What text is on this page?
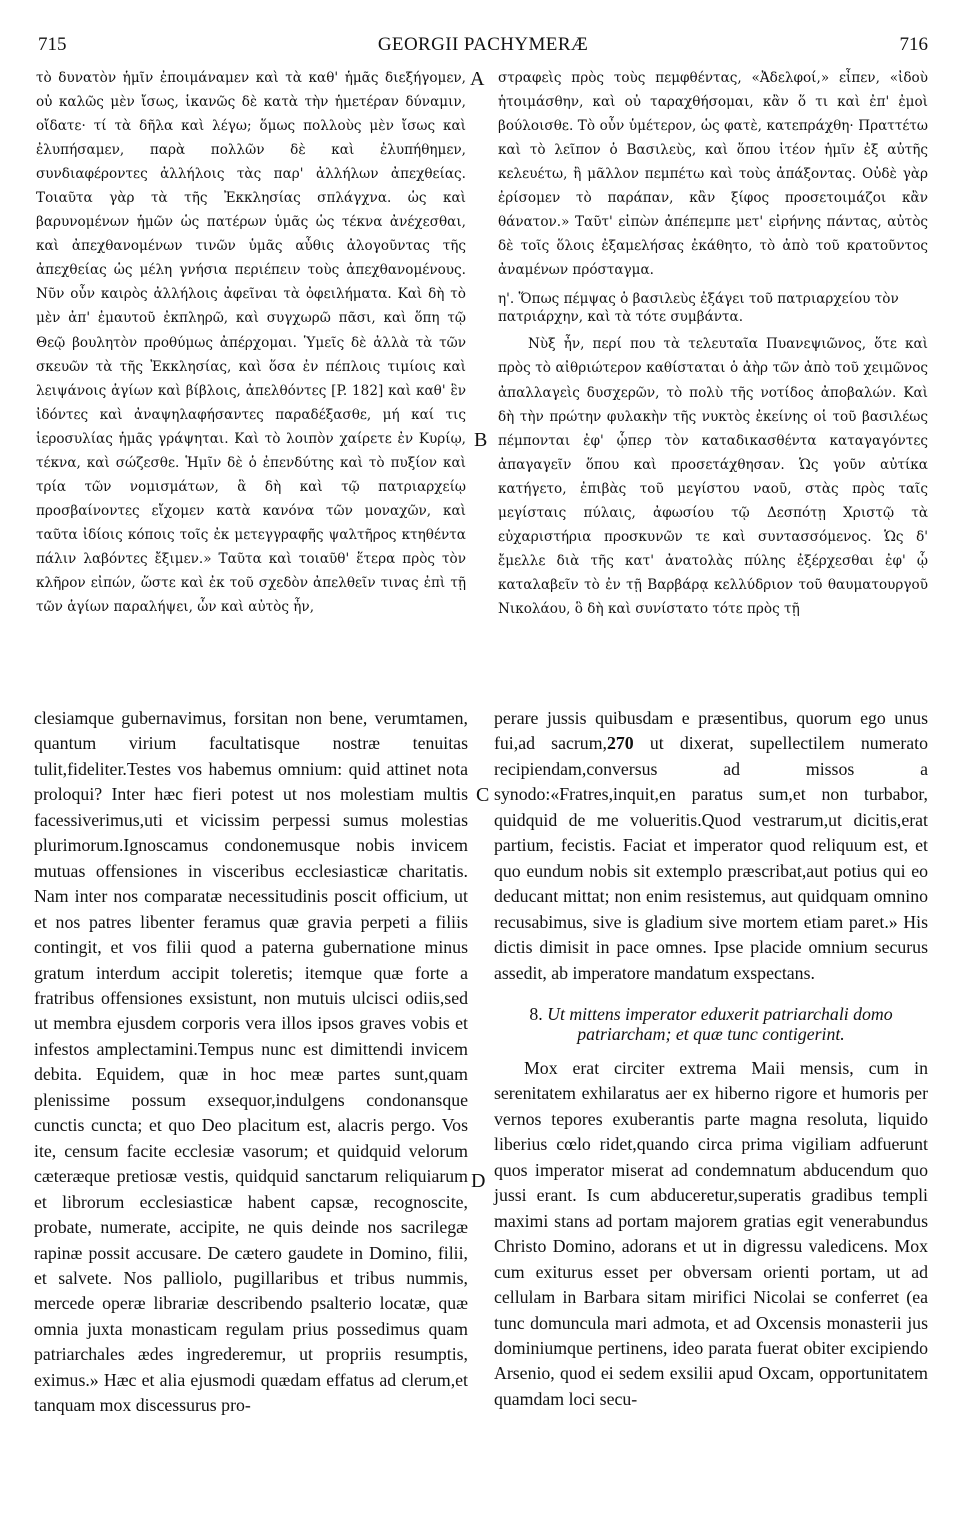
715	GEORGII PACHYMERÆ	716

τὸ δυνατὸν ἡμῖν ἐποιμάναμεν καὶ τὰ καθ' ἡμᾶς διεξήγομεν, οὐ καλῶς μὲν ἴσως, ἱκανῶς δὲ κατὰ τὴν ἡμετέραν δύναμιν, οἴδατε· τί τὰ δῆλα καὶ λέγω; ὅμως πολλοὺς μὲν ἴσως καὶ ἐλυπήσαμεν, παρὰ πολλῶν δὲ καὶ ἐλυπήθημεν, συνδιαφέροντες ἀλλήλοις τὰς παρ' ἀλλήλων ἀπεχθείας. Τοιαῦτα γὰρ τὰ τῆς Ἐκκλησίας σπλάγχνα. ὡς καὶ βαρυνομένων ἡμῶν ὡς πατέρων ὑμᾶς ὡς τέκνα ἀνέχεσθαι, καὶ ἀπεχθανομένων τινῶν ὑμᾶς αὖθις ἀλογοῦντας τῆς ἀπεχθείας ὡς μέλη γνήσια περιέπειν τοὺς ἀπεχθανομένους. Νῦν οὖν καιρὸς ἀλλήλοις ἀφεῖναι τὰ ὀφειλήματα. Καὶ δὴ τὸ μὲν ἀπ' ἐμαυτοῦ ἐκπληρῶ, καὶ συγχωρῶ πᾶσι, καὶ ὅπη τῷ Θεῷ βουλητὸν προθύμως ἀπέρχομαι. Ὑμεῖς δὲ ἀλλὰ τὰ τῶν σκευῶν τὰ τῆς Ἐκκλησίας, καὶ ὅσα ἐν πέπλοις τιμίοις καὶ λειψάνοις ἁγίων καὶ βίβλοις, ἀπελθόντες [P. 182] καὶ καθ' ἓν ἰδόντες καὶ ἀναψηλαφήσαντες παραδέξασθε, μή καί τις ἱεροσυλίας ἡμᾶς γράψηται. Καὶ τὸ λοιπὸν χαίρετε ἐν Κυρίῳ, τέκνα, καὶ σώζεσθε. Ἡμῖν δὲ ὁ ἐπενδύτης καὶ τὸ πυξίον καὶ τρία τῶν νομισμάτων, ἃ δὴ καὶ τῷ πατριαρχείῳ προσβαίνοντες εἴχομεν κατὰ κανόνα τῶν μοναχῶν, καὶ ταῦτα ἰδίοις κόποις τοῖς ἐκ μετεγγραφῆς ψαλτῆρος κτηθέντα πάλιν λαβόντες ἔξιμεν.» Ταῦτα καὶ τοιαῦθ' ἕτερα πρὸς τὸν κλῆρον εἰπών, ὥστε καὶ ἐκ τοῦ σχεδὸν ἀπελθεῖν τινας ἐπὶ τῇ τῶν ἁγίων παραλήψει, ὧν καὶ αὐτὸς ἦν,

στραφεὶς πρὸς τοὺς πεμφθέντας, «Ἀδελφοί,» εἶπεν, «ἰδοὺ ἡτοιμάσθην, καὶ οὐ ταραχθήσομαι, κἂν ὅ τι καὶ ἐπ' ἐμοὶ βούλοισθε. Τὸ οὖν ὑμέτερον, ὡς φατὲ, κατεπράχθη· Πραττέτω καὶ τὸ λεῖπον ὁ Βασιλεὺς, καὶ ὅπου ἰτέον ἡμῖν ἐξ αὐτῆς κελευέτω, ἢ μᾶλλον πεμπέτω καὶ τοὺς ἀπάξοντας. Οὐδὲ γὰρ ἐρίσομεν τὸ παράπαν, κἂν ξίφος προσετοιμάζοι κἂν θάνατον.» Ταῦτ' εἰπὼν ἀπέπεμπε μετ' εἰρήνης πάντας, αὐτὸς δὲ τοῖς ὅλοις ἐξαμελήσας ἐκάθητο, τὸ ἀπὸ τοῦ κρατοῦντος ἀναμένων πρόσταγμα.

η'. Ὅπως πέμψας ὁ βασιλεὺς ἐξάγει τοῦ πατριαρχείου τὸν πατριάρχην, καὶ τὰ τότε συμβάντα.

Νὺξ ἦν, περί που τὰ τελευταῖα Πυανεψιῶνος, ὅτε καὶ πρὸς τὸ αἰθριώτερον καθίσταται ὁ ἀὴρ τῶν ἀπὸ τοῦ χειμῶνος ἀπαλλαγεὶς δυσχερῶν, τὸ πολὺ τῆς νοτίδος ἀποβαλών. Καὶ δὴ τὴν πρώτην φυλακὴν τῆς νυκτὸς ἐκείνης οἱ τοῦ βασιλέως πέμπονται ἐφ' ᾧπερ τὸν καταδικασθέντα καταγαγόντες ἀπαγαγεῖν ὅπου καὶ προσετάχθησαν. Ὡς γοῦν αὐτίκα κατήγετο, ἐπιβὰς τοῦ μεγίστου ναοῦ, στὰς πρὸς ταῖς μεγίσταις πύλαις, ἀφωσίου τῷ Δεσπότῃ Χριστῷ τὰ εὐχαριστήρια προσκυνῶν τε καὶ συντασσόμενος. Ὡς δ' ἔμελλε διὰ τῆς κατ' ἀνατολὰς πύλης ἐξέρχεσθαι ἐφ' ᾧ καταλαβεῖν τὸ ἐν τῇ Βαρβάρᾳ κελλύδριον τοῦ θαυματουργοῦ Νικολάου, ὃ δὴ καὶ συνίστατο τότε πρὸς τῇ

clesiamque gubernavimus, forsitan non bene, verumtamen, quantum virium facultatisque nostræ tenuitas tulit,fideliter.Testes vos habemus omnium: quid attinet nota proloqui? Inter hæc fieri potest ut nos molestiam multis facessiverimus,uti et vicissim perpessi sumus molestias plurimorum.Ignoscamus condonemusque nobis invicem mutuas offensiones in visceribus ecclesiasticæ charitatis. Nam inter nos comparatæ necessitudinis poscit officium, ut et nos patres libenter feramus quæ gravia perpeti a filiis contingit, et vos filii quod a paterna gubernatione minus gratum interdum accipit toleretis; itemque quæ forte a fratribus offensiones exsistunt, non mutuis ulcisci odiis,sed ut membra ejusdem corporis vera illos ipsos graves vobis et infestos amplectamini.Tempus nunc est dimittendi invicem debita. Equidem, quæ in hoc meæ partes sunt,quam plenissime possum exsequor,indulgens condonansque cunctis cuncta; et quo Deo placitum est, alacris pergo. Vos ite, censum facite ecclesiæ vasorum; et quidquid velorum cæteræque pretiosæ vestis, quidquid sanctarum reliquiarum et librorum ecclesiasticæ habent capsæ, recognoscite, probate, numerate, accipite, ne quis deinde nos sacrilegæ rapinæ possit accusare. De cætero gaudete in Domino, filii, et salvete. Nos palliolo, pugillaribus et tribus nummis, mercede operæ librariæ describendo psalterio locatæ, quæ omnia juxta monasticam regulam prius possedimus quam patriarchales ædes ingrederemur, ut propriis resumptis, eximus.» Hæc et alia ejusmodi quædam effatus ad clerum,et tanquam mox discessurus pro-

perare jussis quibusdam e præsentibus, quorum ego unus fui,ad sacrum,270 ut dixerat, supellectilem numerato recipiendam,conversus ad missos a synodo:«Fratres,inquit,en paratus sum,et non turbabor, quidquid de me volueritis.Quod vestrarum,ut dicitis,erat partium, fecistis. Faciat et imperator quod reliquum est, et quo eundum nobis sit extemplo præscribat,aut potius qui eo deducant mittat; non enim resistemus, aut quidquam omnino recusabimus, sive is gladium sive mortem etiam paret.» His dictis dimisit in pace omnes. Ipse placide omnium securus assedit, ab imperatore mandatum exspectans.

8. Ut mittens imperator eduxerit patriarchali domo patriarcham; et quæ tunc contigerint.

Mox erat circiter extrema Maii mensis, cum in serenitatem exhilaratus aer ex hiberno rigore et humoris per vernos tepores exuberantis parte magna resoluta, liquido liberius cœlo ridet,quando circa prima vigiliam adfuerunt quos imperator miserat ad condemnatum abducendum quo jussi erant. Is cum abduceretur,superatis gradibus templi maximi stans ad portam majorem gratias egit venerabundus Christo Domino, adorans et ut in digressu valedicens. Mox cum exiturus esset per obversam orienti portam, ut ad cellulam in Barbara sitam mirifici Nicolai se conferret (ea tunc domuncula mari admota, et ad Oxcensis monasterii jus dominiumque pertinens, ideo parata fuerat obiter excipiendo Arsenio, quod ei sedem exsilii apud Oxcam, opportunitatem quamdam loci secu-

A
B
C
D
